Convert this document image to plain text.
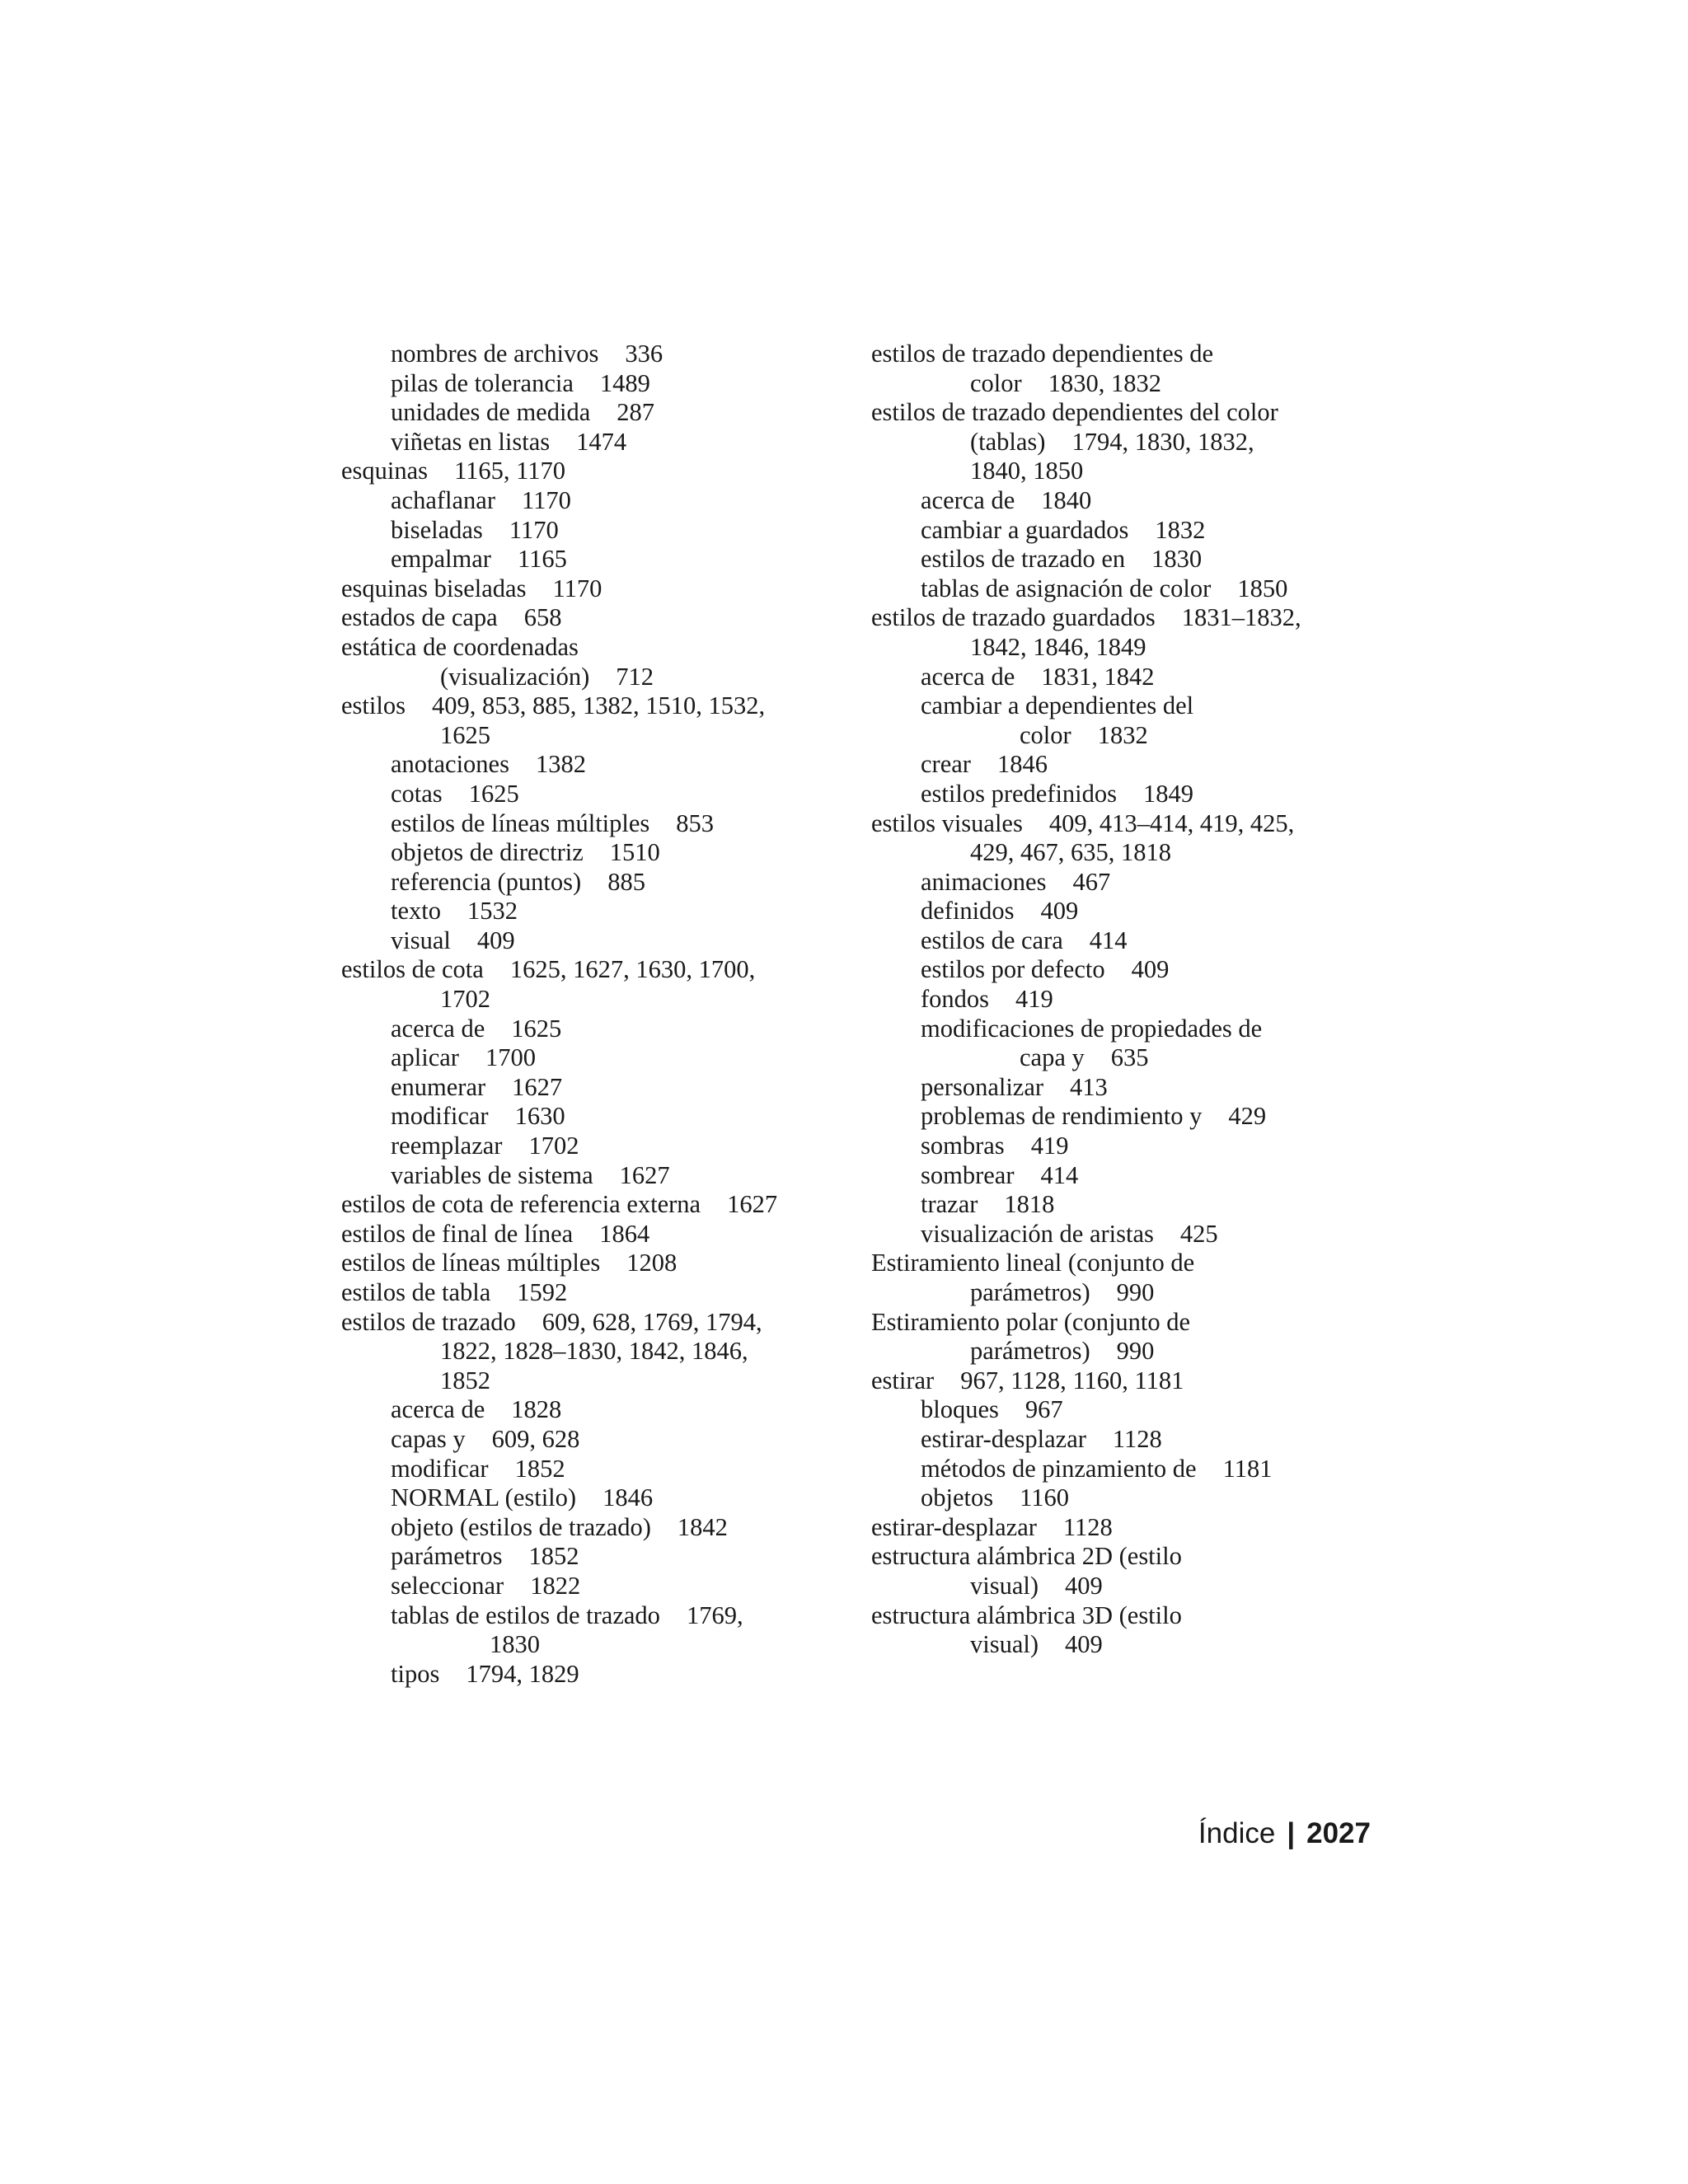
nombres de archivos 336
pilas de tolerancia 1489
unidades de medida 287
viñetas en listas 1474
esquinas 1165, 1170
achaflanar 1170
biseladas 1170
empalmar 1165
esquinas biseladas 1170
estados de capa 658
estática de coordenadas
(visualización) 712
estilos 409, 853, 885, 1382, 1510, 1532,
1625
anotaciones 1382
cotas 1625
estilos de líneas múltiples 853
objetos de directriz 1510
referencia (puntos) 885
texto 1532
visual 409
estilos de cota 1625, 1627, 1630, 1700,
1702
acerca de 1625
aplicar 1700
enumerar 1627
modificar 1630
reemplazar 1702
variables de sistema 1627
estilos de cota de referencia externa 1627
estilos de final de línea 1864
estilos de líneas múltiples 1208
estilos de tabla 1592
estilos de trazado 609, 628, 1769, 1794,
1822, 1828–1830, 1842, 1846,
1852
acerca de 1828
capas y 609, 628
modificar 1852
NORMAL (estilo) 1846
objeto (estilos de trazado) 1842
parámetros 1852
seleccionar 1822
tablas de estilos de trazado 1769,
1830
tipos 1794, 1829
estilos de trazado dependientes de
color 1830, 1832
estilos de trazado dependientes del color
(tablas) 1794, 1830, 1832,
1840, 1850
acerca de 1840
cambiar a guardados 1832
estilos de trazado en 1830
tablas de asignación de color 1850
estilos de trazado guardados 1831–1832,
1842, 1846, 1849
acerca de 1831, 1842
cambiar a dependientes del
color 1832
crear 1846
estilos predefinidos 1849
estilos visuales 409, 413–414, 419, 425,
429, 467, 635, 1818
animaciones 467
definidos 409
estilos de cara 414
estilos por defecto 409
fondos 419
modificaciones de propiedades de
capa y 635
personalizar 413
problemas de rendimiento y 429
sombras 419
sombrear 414
trazar 1818
visualización de aristas 425
Estiramiento lineal (conjunto de
parámetros) 990
Estiramiento polar (conjunto de
parámetros) 990
estirar 967, 1128, 1160, 1181
bloques 967
estirar-desplazar 1128
métodos de pinzamiento de 1181
objetos 1160
estirar-desplazar 1128
estructura alámbrica 2D (estilo
visual) 409
estructura alámbrica 3D (estilo
visual) 409
Índice | 2027
